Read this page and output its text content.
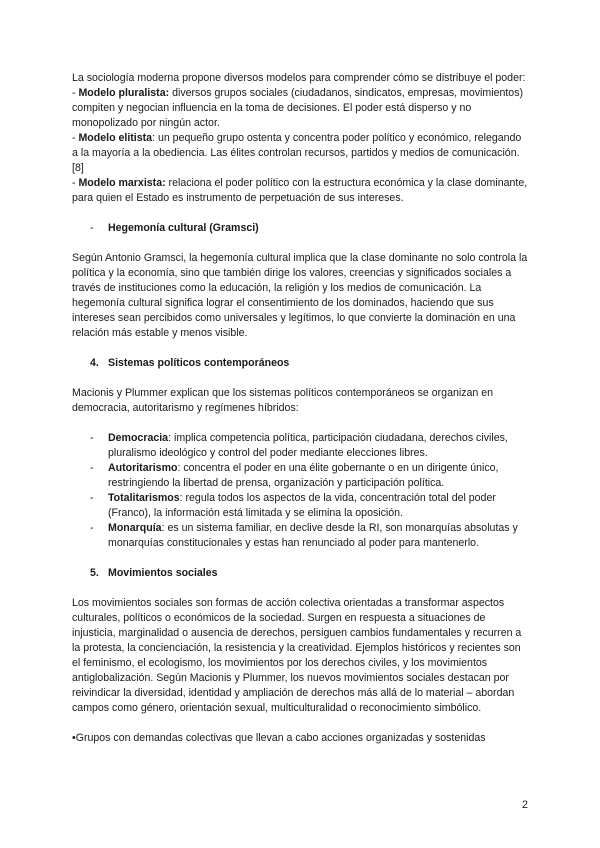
La sociología moderna propone diversos modelos para comprender cómo se distribuye el poder:

- Modelo pluralista: diversos grupos sociales (ciudadanos, sindicatos, empresas, movimientos) compiten y negocian influencia en la toma de decisiones. El poder está disperso y no monopolizado por ningún actor.

- Modelo elitista: un pequeño grupo ostenta y concentra poder político y económico, relegando a la mayoría a la obediencia. Las élites controlan recursos, partidos y medios de comunicación.[8]

- Modelo marxista: relaciona el poder político con la estructura económica y la clase dominante, para quien el Estado es instrumento de perpetuación de sus intereses.

-	Hegemonía cultural (Gramsci)

Según Antonio Gramsci, la hegemonía cultural implica que la clase dominante no solo controla la política y la economía, sino que también dirige los valores, creencias y significados sociales a través de instituciones como la educación, la religión y los medios de comunicación. La hegemonía cultural significa lograr el consentimiento de los dominados, haciendo que sus intereses sean percibidos como universales y legítimos, lo que convierte la dominación en una relación más estable y menos visible.

4. Sistemas políticos contemporáneos

Macionis y Plummer explican que los sistemas políticos contemporáneos se organizan en democracia, autoritarismo y regímenes híbridos:

-	Democracia: implica competencia política, participación ciudadana, derechos civiles, pluralismo ideológico y control del poder mediante elecciones libres.
-	Autoritarismo: concentra el poder en una élite gobernante o en un dirigente único, restringiendo la libertad de prensa, organización y participación política.
-	Totalitarismos: regula todos los aspectos de la vida, concentración total del poder (Franco), la información está limitada y se elimina la oposición.
-	Monarquía: es un sistema familiar, en declive desde la RI, son monarquías absolutas y monarquías constitucionales y estas han renunciado al poder para mantenerlo.
5. Movimientos sociales

Los movimientos sociales son formas de acción colectiva orientadas a transformar aspectos culturales, políticos o económicos de la sociedad. Surgen en respuesta a situaciones de injusticia, marginalidad o ausencia de derechos, persiguen cambios fundamentales y recurren a la protesta, la concienciación, la resistencia y la creatividad. Ejemplos históricos y recientes son el feminismo, el ecologismo, los movimientos por los derechos civiles, y los movimientos antiglobalización. Según Macionis y Plummer, los nuevos movimientos sociales destacan por reivindicar la diversidad, identidad y ampliación de derechos más allá de lo material – abordan campos como género, orientación sexual, multiculturalidad o reconocimiento simbólico.

•Grupos con demandas colectivas que llevan a cabo acciones organizadas y sostenidas

2
